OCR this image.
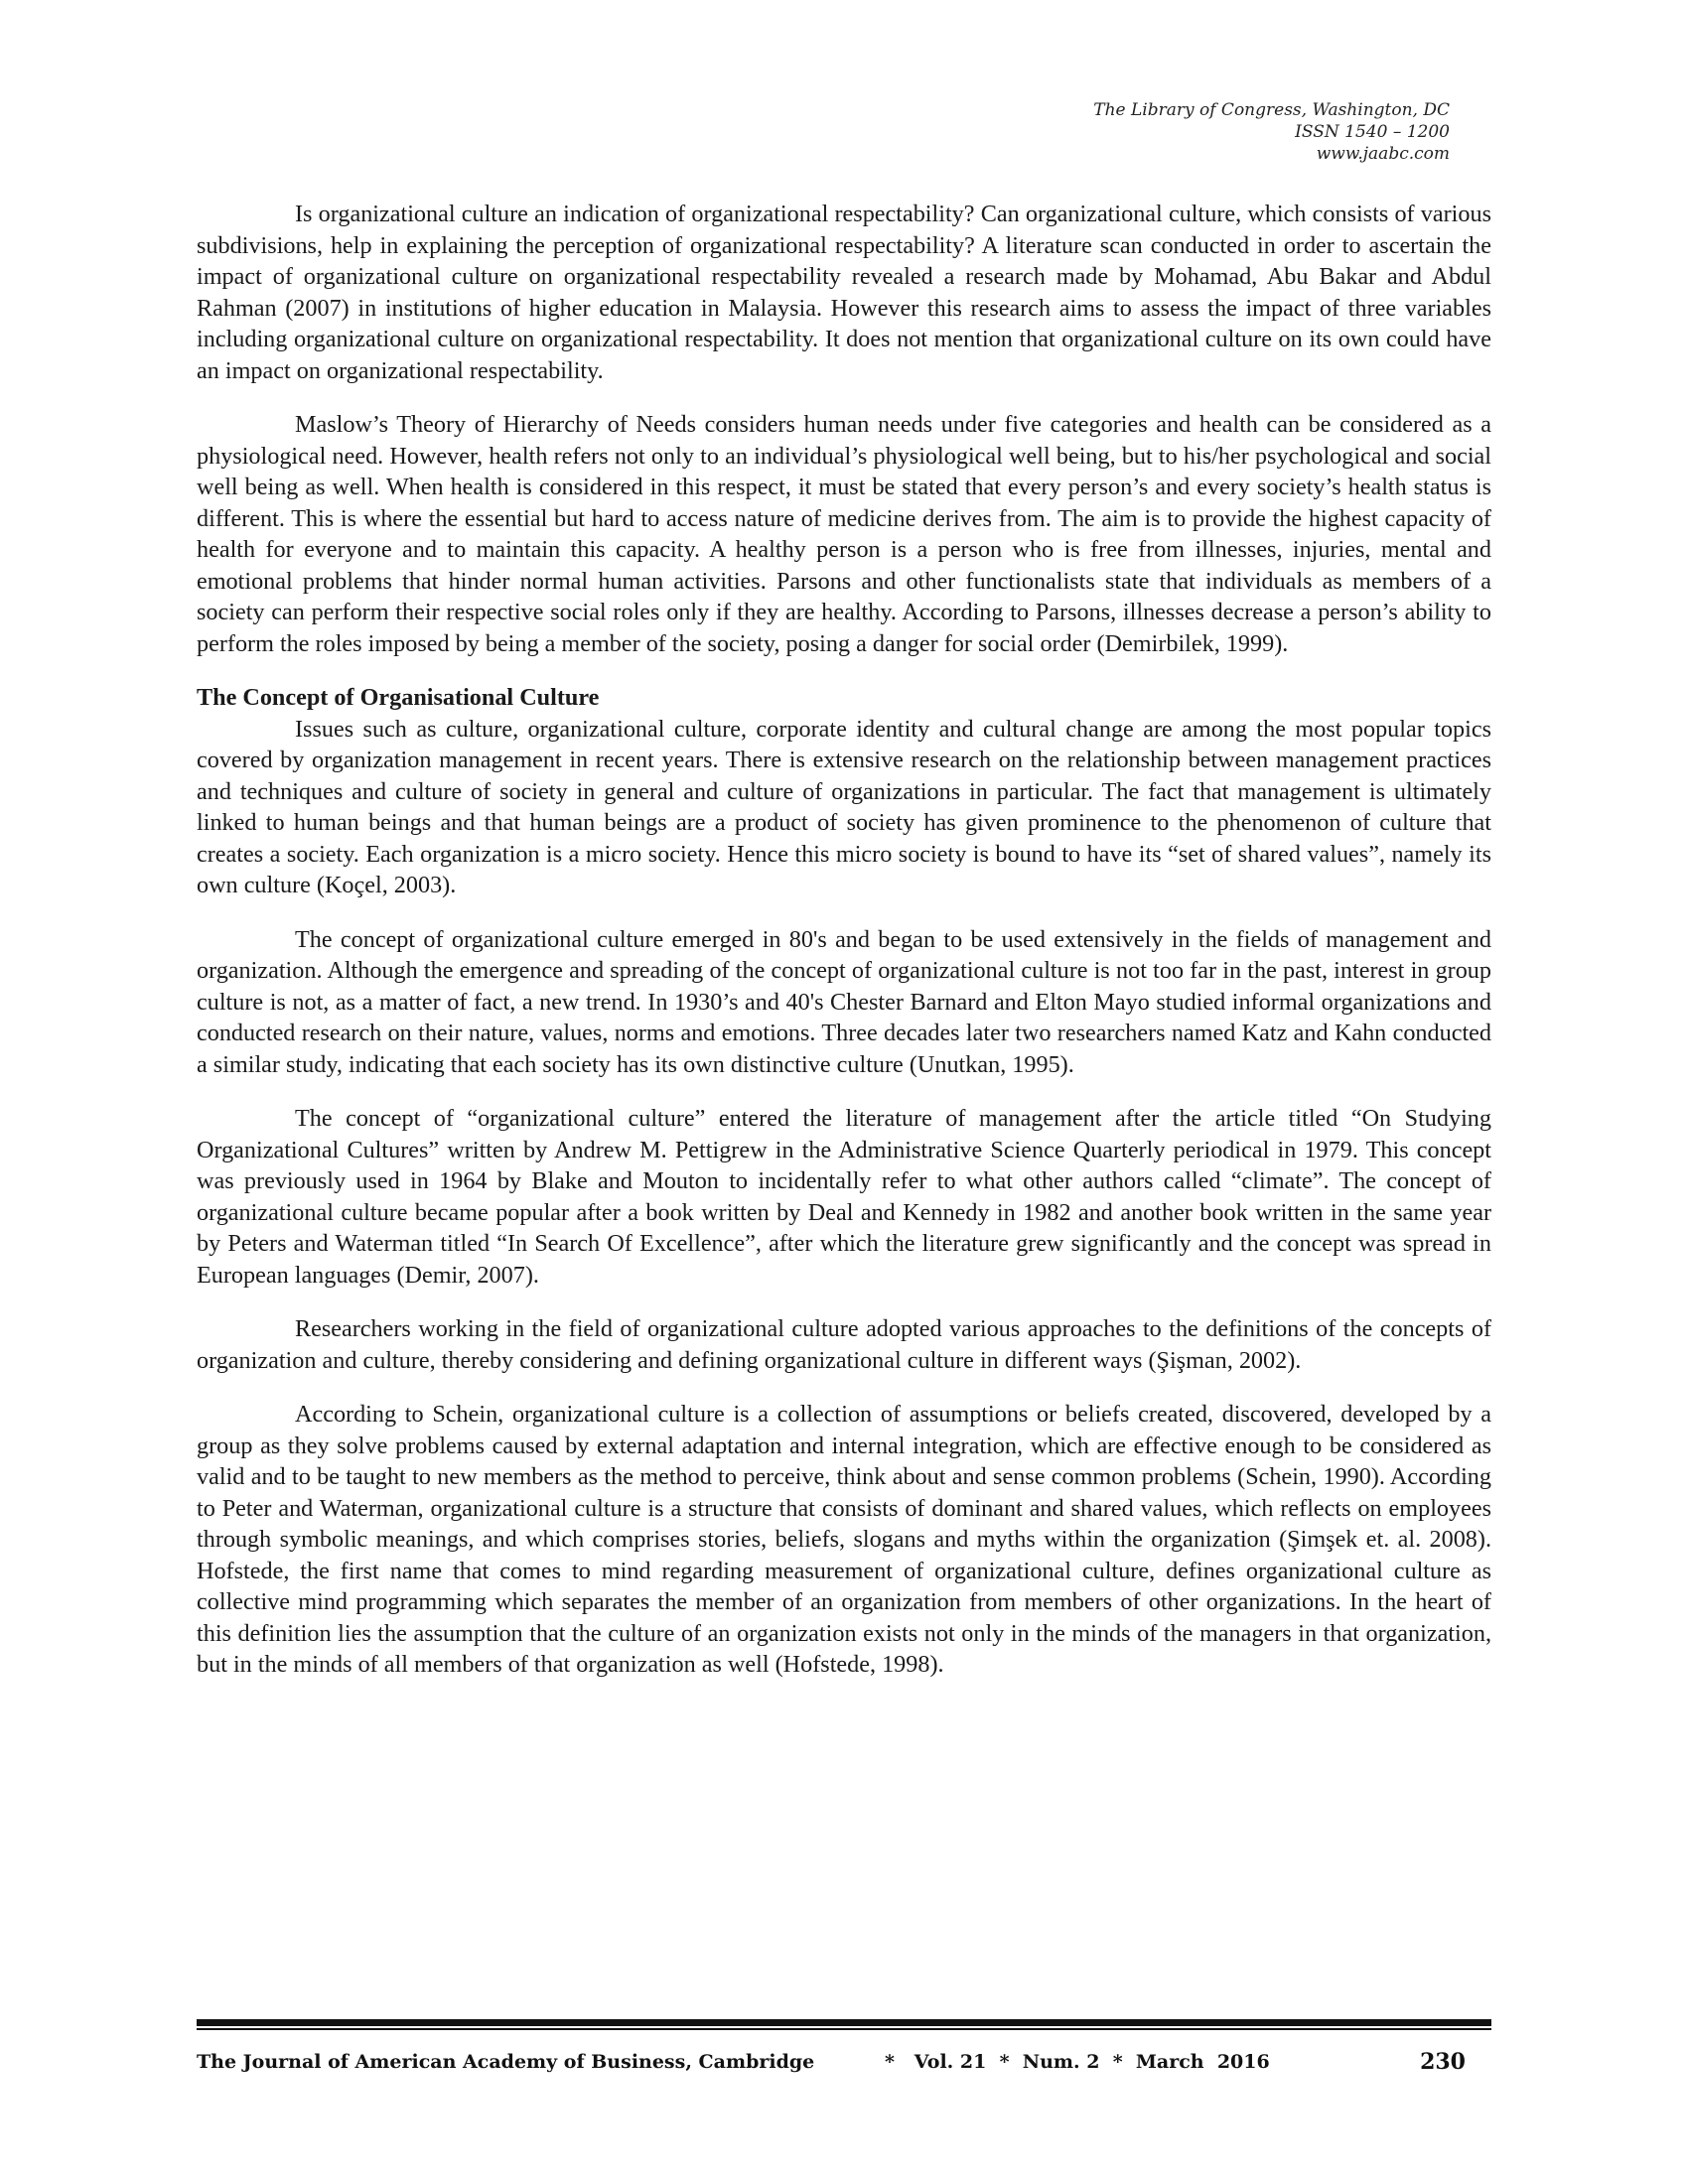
The Library of Congress, Washington, DC
ISSN 1540 – 1200
www.jaabc.com

Is organizational culture an indication of organizational respectability? Can organizational culture, which consists of various subdivisions, help in explaining the perception of organizational respectability? A literature scan conducted in order to ascertain the impact of organizational culture on organizational respectability revealed a research made by Mohamad, Abu Bakar and Abdul Rahman (2007) in institutions of higher education in Malaysia. However this research aims to assess the impact of three variables including organizational culture on organizational respectability. It does not mention that organizational culture on its own could have an impact on organizational respectability.

Maslow’s Theory of Hierarchy of Needs considers human needs under five categories and health can be considered as a physiological need. However, health refers not only to an individual’s physiological well being, but to his/her psychological and social well being as well. When health is considered in this respect, it must be stated that every person’s and every society’s health status is different. This is where the essential but hard to access nature of medicine derives from. The aim is to provide the highest capacity of health for everyone and to maintain this capacity. A healthy person is a person who is free from illnesses, injuries, mental and emotional problems that hinder normal human activities. Parsons and other functionalists state that individuals as members of a society can perform their respective social roles only if they are healthy. According to Parsons, illnesses decrease a person’s ability to perform the roles imposed by being a member of the society, posing a danger for social order (Demirbilek, 1999).

The Concept of Organisational Culture

Issues such as culture, organizational culture, corporate identity and cultural change are among the most popular topics covered by organization management in recent years. There is extensive research on the relationship between management practices and techniques and culture of society in general and culture of organizations in particular. The fact that management is ultimately linked to human beings and that human beings are a product of society has given prominence to the phenomenon of culture that creates a society. Each organization is a micro society. Hence this micro society is bound to have its “set of shared values”, namely its own culture (Koçel, 2003).

The concept of organizational culture emerged in 80's and began to be used extensively in the fields of management and organization. Although the emergence and spreading of the concept of organizational culture is not too far in the past, interest in group culture is not, as a matter of fact, a new trend. In 1930’s and 40's Chester Barnard and Elton Mayo studied informal organizations and conducted research on their nature, values, norms and emotions. Three decades later two researchers named Katz and Kahn conducted a similar study, indicating that each society has its own distinctive culture (Unutkan, 1995).

The concept of “organizational culture” entered the literature of management after the article titled “On Studying Organizational Cultures” written by Andrew M. Pettigrew in the Administrative Science Quarterly periodical in 1979. This concept was previously used in 1964 by Blake and Mouton to incidentally refer to what other authors called “climate”. The concept of organizational culture became popular after a book written by Deal and Kennedy in 1982 and another book written in the same year by Peters and Waterman titled “In Search Of Excellence”, after which the literature grew significantly and the concept was spread in European languages (Demir, 2007).

Researchers working in the field of organizational culture adopted various approaches to the definitions of the concepts of organization and culture, thereby considering and defining organizational culture in different ways (Şişman, 2002).

According to Schein, organizational culture is a collection of assumptions or beliefs created, discovered, developed by a group as they solve problems caused by external adaptation and internal integration, which are effective enough to be considered as valid and to be taught to new members as the method to perceive, think about and sense common problems (Schein, 1990). According to Peter and Waterman, organizational culture is a structure that consists of dominant and shared values, which reflects on employees through symbolic meanings, and which comprises stories, beliefs, slogans and myths within the organization (Şimşek et. al. 2008). Hofstede, the first name that comes to mind regarding measurement of organizational culture, defines organizational culture as collective mind programming which separates the member of an organization from members of other organizations. In the heart of this definition lies the assumption that the culture of an organization exists not only in the minds of the managers in that organization, but in the minds of all members of that organization as well (Hofstede, 1998).

The Journal of American Academy of Business, Cambridge	*   Vol. 21  *  Num. 2  *  March  2016	230
